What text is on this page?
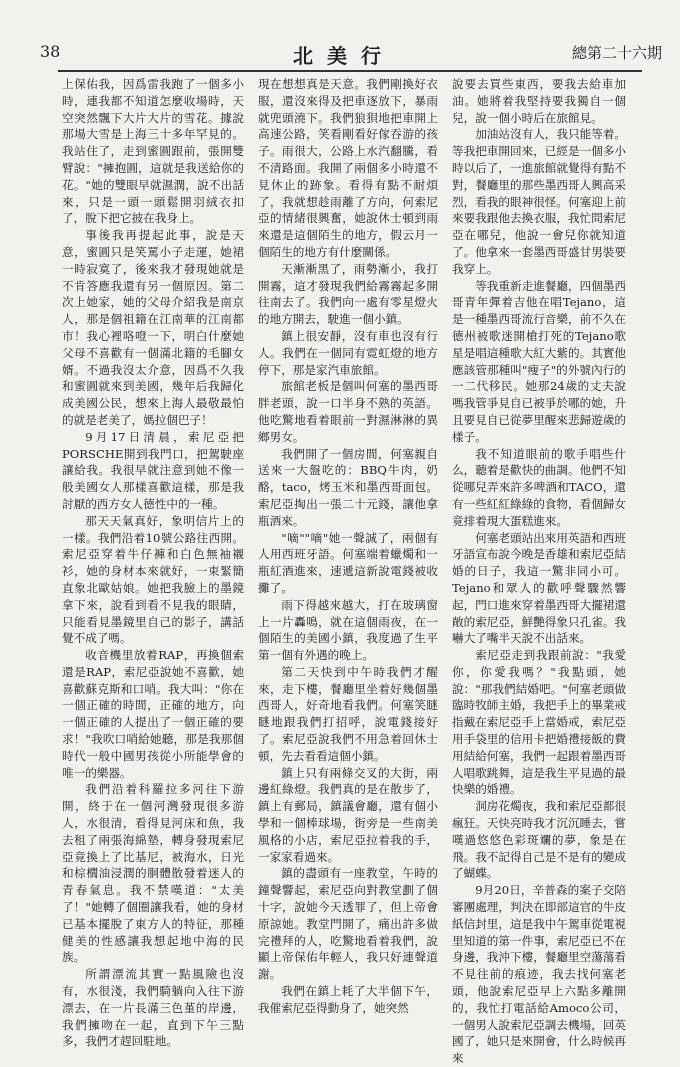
38	北美行	總第二十六期

上保佑我，因爲雷我跑了一個多小時，連我都不知道怎麼收場時，天空突然飄下大片大片的雪花。據說那場大雪是上海三十多年罕見的。我站住了，走到蜜圓跟前，張開雙臂說："擁抱圓，這就是我送給你的花。"她的雙眼早就濕潤，說不出話來，只是一頭一頭鬆開羽絨衣扣了，脫下把它披在我身上。

事後我再提起此事，說是天意，蜜圓只是笑罵小子走運，她裙一時寂寞了，後來我才發現她就是不肯答應我還有另一個原因。第二次上她家，她的父母介紹我是南京人，那是個祖籍在江南華的江南都市！我心裡咯噔一下，明白什麼她父母不喜歡有一個滿北籍的毛腳女婿。不過我沒太介意，因爲不久我和蜜圓就來到美國，幾年后我歸化成美國公民，想來上海人最敬最怕的就是老美了，媽拉個巴子！

9月17日清晨，索尼亞把PORSCHE開到我門口，把駕駛座讓給我。我很早就注意到她不像一般美國女人那樣喜歡這樣，那是我討厭的西方女人德性中的一種。

那天天氣真好，象明信片上的一樣。我們沿着10號公路往西開。索尼亞穿着牛仔褲和白色無袖襯衫，她的身材本來就好，一束緊簡直象北歐姑娘。她把我臉上的墨鏡拿下來，說看到看不見我的眼睛，只能看見墨鏡里自己的影子，講話覺不成了嗎。

收音機里放着RAP，再換個索還是RAP，索尼亞說她不喜歡，她喜歡蘇克斯和口哨。我大叫："你在一個正確的時間，正確的地方，向一個正確的人提出了一個正確的要求！"我吹口哨給她聽，那是我那個時代一般中國男孩從小所能學會的唯一的樂器。

我們沿着科羅拉多河往下游開，終于在一個河灣發現很多游人，水很清，看得見河床和魚，我去租了兩張海綿墊，轉身發現索尼亞竟換上了比基尼，被海水，日光和棕櫚油浸潤的胴體散發着迷人的青春氣息。我不禁嘆道："太美了！"她轉了個圈讓我看，她的身材已基本擺脫了東方人的特征，那種健美的性感讓我想起地中海的民族。

所謂漂流其實一點風險也沒有，水很淺，我們騎躺向入往下游漂去，在一片長滿三色堇的岸邊，我們擁吻在一起，直到下午三點多，我們才趕回駐地。

現在想想真是天意。我們剛換好衣服，還沒來得及把車逐放下，暴雨就兜頭澆下。我們狼狽地把車開上高速公路，笑看剛看好傢吞游的孩子。雨很大，公路上水汽翻騰，看不清路面。我開了兩個多小時還不見休止的跡象。看得有點不耐煩了，我就想趁雨離了方向，何索尼亞的情緒很興奮，她說休士頓到雨來還是這個陌生的地方，假云月一個陌生的地方有什麼關係。

天漸漸黑了，雨勢漸小，我打開霧，這才發現我們給霧霧起多開往南去了。我們向一處有零星燈火的地方開去，駛進一個小鎮。

鎮上很安靜，沒有車也沒有行人。我們在一個同有霓虹燈的地方停下，那是家汽車旅館。

旅館老板是個叫何塞的墨西哥胖老頭，說一口半身不熟的英語。他吃驚地看着眼前一對濕淋淋的異鄉男女。

我們開了一個房間，何塞親自送來一大盤吃的：BBQ牛肉，奶酪，taco，烤玉米和墨西哥面包。索尼亞掏出一張二十元錢，讓他拿瓶酒來。

"嘀""嘀"她一聲誠了，兩個有人用西班牙語。何塞端着蠟燭和一瓶紅酒進來，速遞這新說電錢被收攤了。

雨下得越來越大，打在玻璃窗上一片轟鳴，就在這個雨夜，在一個陌生的美國小鎮，我度過了生平第一個有外遇的晚上。

第二天快到中午時我們才醒來，走下樓，餐廳里坐着好幾個墨西哥人，好奇地看我們。何塞笑瞇瞇地跟我們打招呼，說電錢接好了。索尼亞說我們不用急着回休士頓，先去看看這個小鎮。

鎮上只有兩條交叉的大街，兩邊紅綠燈。我們真的是在散步了，鎮上有郵局，鎮議會廳，還有個小學和一個棒球場，街旁是一些南美風格的小店，索尼亞拉着我的手，一家家看過來。

鎮的盡頭有一座教堂，午時的鐘聲響起，索尼亞向對教堂劃了個十字，說她今天透罪了，但上帝會原諒她。教堂門開了，痛出許多做完禮拜的人，吃驚地看着我們，說顯上帝保佑年輕人，我只好連聲道謝。

我們在鎮上耗了大半個下午，我催索尼亞得動身了，她突然

說要去買些東西，要我去給車加油。她將着我堅持要我獨自一個兒，說一個小時后在旅館見。

加油站沒有人，我只能等着。等我把車開回來，已經是一個多小時以后了，一進旅館就覺得有點不對，餐廳里的那些墨西哥人興高采烈，看我的眼神很怪。何塞迎上前來要我跟他去換衣服，我忙問索尼亞在哪兒，他說一會兒你就知道了。他拿來一套墨西哥盛甘男裝要我穿上。

等我重新走進餐廳，四個墨西哥青年彈着吉他在唱Tejano，這是一種墨西哥流行音樂，前不久在德州被歌迷開槍打死的Tejano歌星是唱這種歌大紅大紫的。其實他應該管那種叫"瘦子"的外號內行的一二代移民。她那24歲的丈夫說嗎我管爭見自已被爭於哪的她，升且要見自已從夢里醒來悲歸遊歲的樣子。

我不知道眼前的歌手唱些什么，聽着是歡快的曲調。他們不知從哪兒弄來許多啤酒和TACO，還有一些紅紅綠綠的食物，看個歸女竟排着現大蛋糕進來。

何塞老頭站出來用英語和西班牙語宣布說今晚是香雄和索尼亞結婚的日子，我這一驚非同小可。Tejano和眾人的歡呼聲驟然響起，門口進來穿着墨西哥大擺裙還敞的索尼亞，鮮艷得象只孔雀。我嚇大了嘴半天說不出話來。

索尼亞走到我跟前說："我愛你，你愛我嗎？"我點頭，她說："那我們結婚吧。"何塞老頭做臨時牧師主婚，我把手上的畢業戒指戴在索尼亞手上當婚戒，索尼亞用手袋里的信用卡把婚禮接飯的費用結給何塞，我們一起跟着墨西哥人唱歌跳舞，這是我生平見過的最快樂的婚禮。

洞房花燭夜，我和索尼亞都很瘋狂。天快亮時我才沉沉睡去，嘗嘆過悠悠色彩斑斕的夢，象是在飛。我不記得自己是不是有的變成了蝴蝶。

9月20日，辛普森的案子交陪審團處理，判決在即部這官的牛皮紙信封里，這是我中午駕車從電視里知道的第一件事，索尼亞已不在身邊，我沖下樓，餐廳里空蕩蕩看不見往前的痕迹，我去找何塞老頭，他說索尼亞早上六點多離開的，我忙打電話給Amoco公司，一個男人說索尼亞調去機場，回英國了，她只是來開會，什么時候再來
